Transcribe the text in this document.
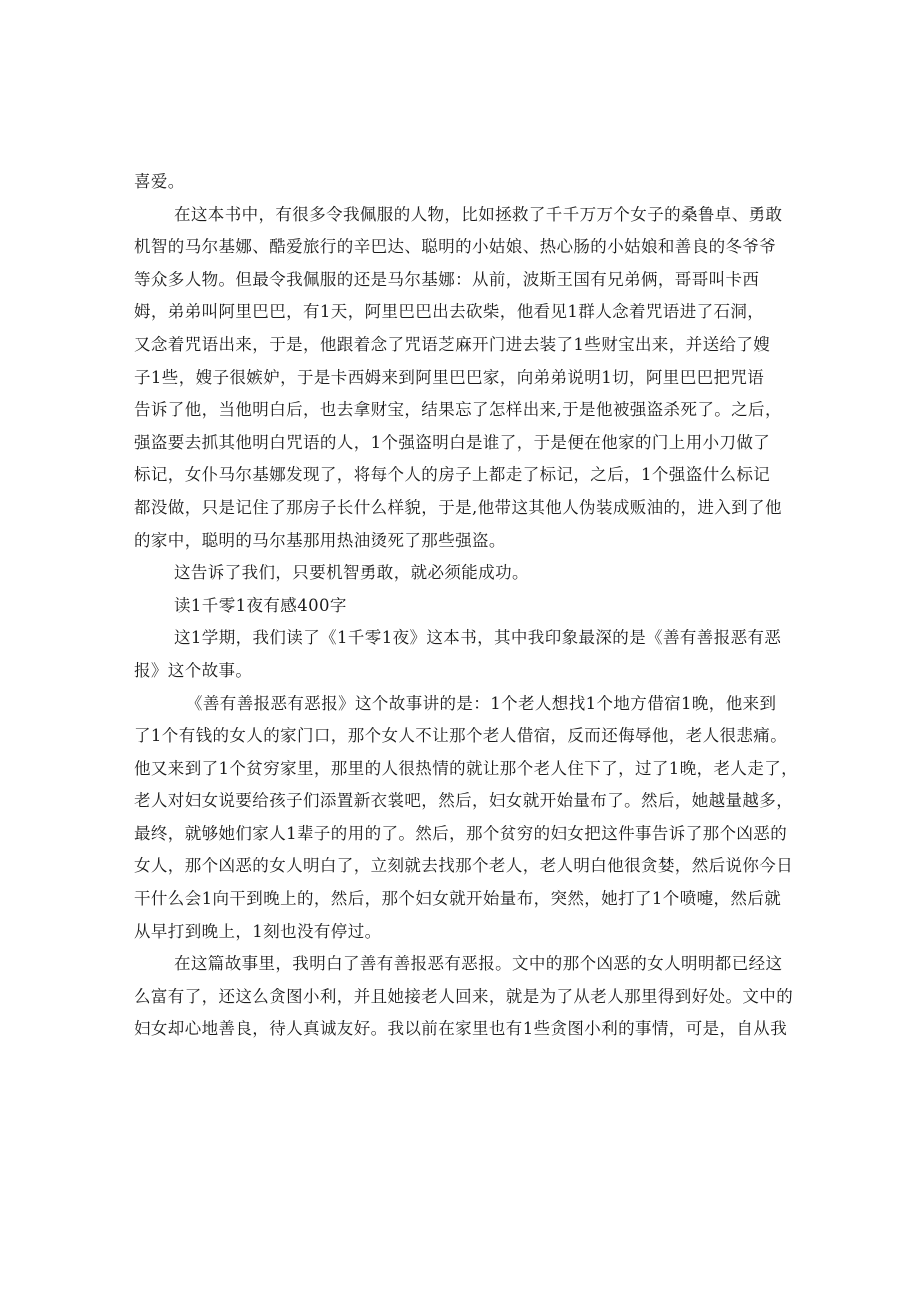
喜爱。
在这本书中，有很多令我佩服的人物，比如拯救了千千万万个女子的桑鲁卓、勇敢
机智的马尔基娜、酷爱旅行的辛巴达、聪明的小姑娘、热心肠的小姑娘和善良的冬爷爷
等众多人物。但最令我佩服的还是马尔基娜：从前，波斯王国有兄弟俩，哥哥叫卡西
姆，弟弟叫阿里巴巴，有1天，阿里巴巴出去砍柴，他看见1群人念着咒语进了石洞，
又念着咒语出来，于是，他跟着念了咒语芝麻开门进去装了1些财宝出来，并送给了嫂
子1些，嫂子很嫉妒，于是卡西姆来到阿里巴巴家，向弟弟说明1切，阿里巴巴把咒语
告诉了他，当他明白后，也去拿财宝，结果忘了怎样出来,于是他被强盗杀死了。之后，
强盗要去抓其他明白咒语的人，1个强盗明白是谁了，于是便在他家的门上用小刀做了
标记，女仆马尔基娜发现了，将每个人的房子上都走了标记，之后，1个强盗什么标记
都没做，只是记住了那房子长什么样貌，于是,他带这其他人伪装成贩油的，进入到了他
的家中，聪明的马尔基那用热油烫死了那些强盗。
这告诉了我们，只要机智勇敢，就必须能成功。
读1千零1夜有感400字
这1学期，我们读了《1千零1夜》这本书，其中我印象最深的是《善有善报恶有恶
报》这个故事。
《善有善报恶有恶报》这个故事讲的是：1个老人想找1个地方借宿1晚，他来到
了1个有钱的女人的家门口，那个女人不让那个老人借宿，反而还侮辱他，老人很悲痛。
他又来到了1个贫穷家里，那里的人很热情的就让那个老人住下了，过了1晚，老人走了，
老人对妇女说要给孩子们添置新衣裳吧，然后，妇女就开始量布了。然后，她越量越多，
最终，就够她们家人1辈子的用的了。然后，那个贫穷的妇女把这件事告诉了那个凶恶的
女人，那个凶恶的女人明白了，立刻就去找那个老人，老人明白他很贪婪，然后说你今日
干什么会1向干到晚上的，然后，那个妇女就开始量布，突然，她打了1个喷嚏，然后就
从早打到晚上，1刻也没有停过。
在这篇故事里，我明白了善有善报恶有恶报。文中的那个凶恶的女人明明都已经这
么富有了，还这么贪图小利，并且她接老人回来，就是为了从老人那里得到好处。文中的
妇女却心地善良，待人真诚友好。我以前在家里也有1些贪图小利的事情，可是，自从我
